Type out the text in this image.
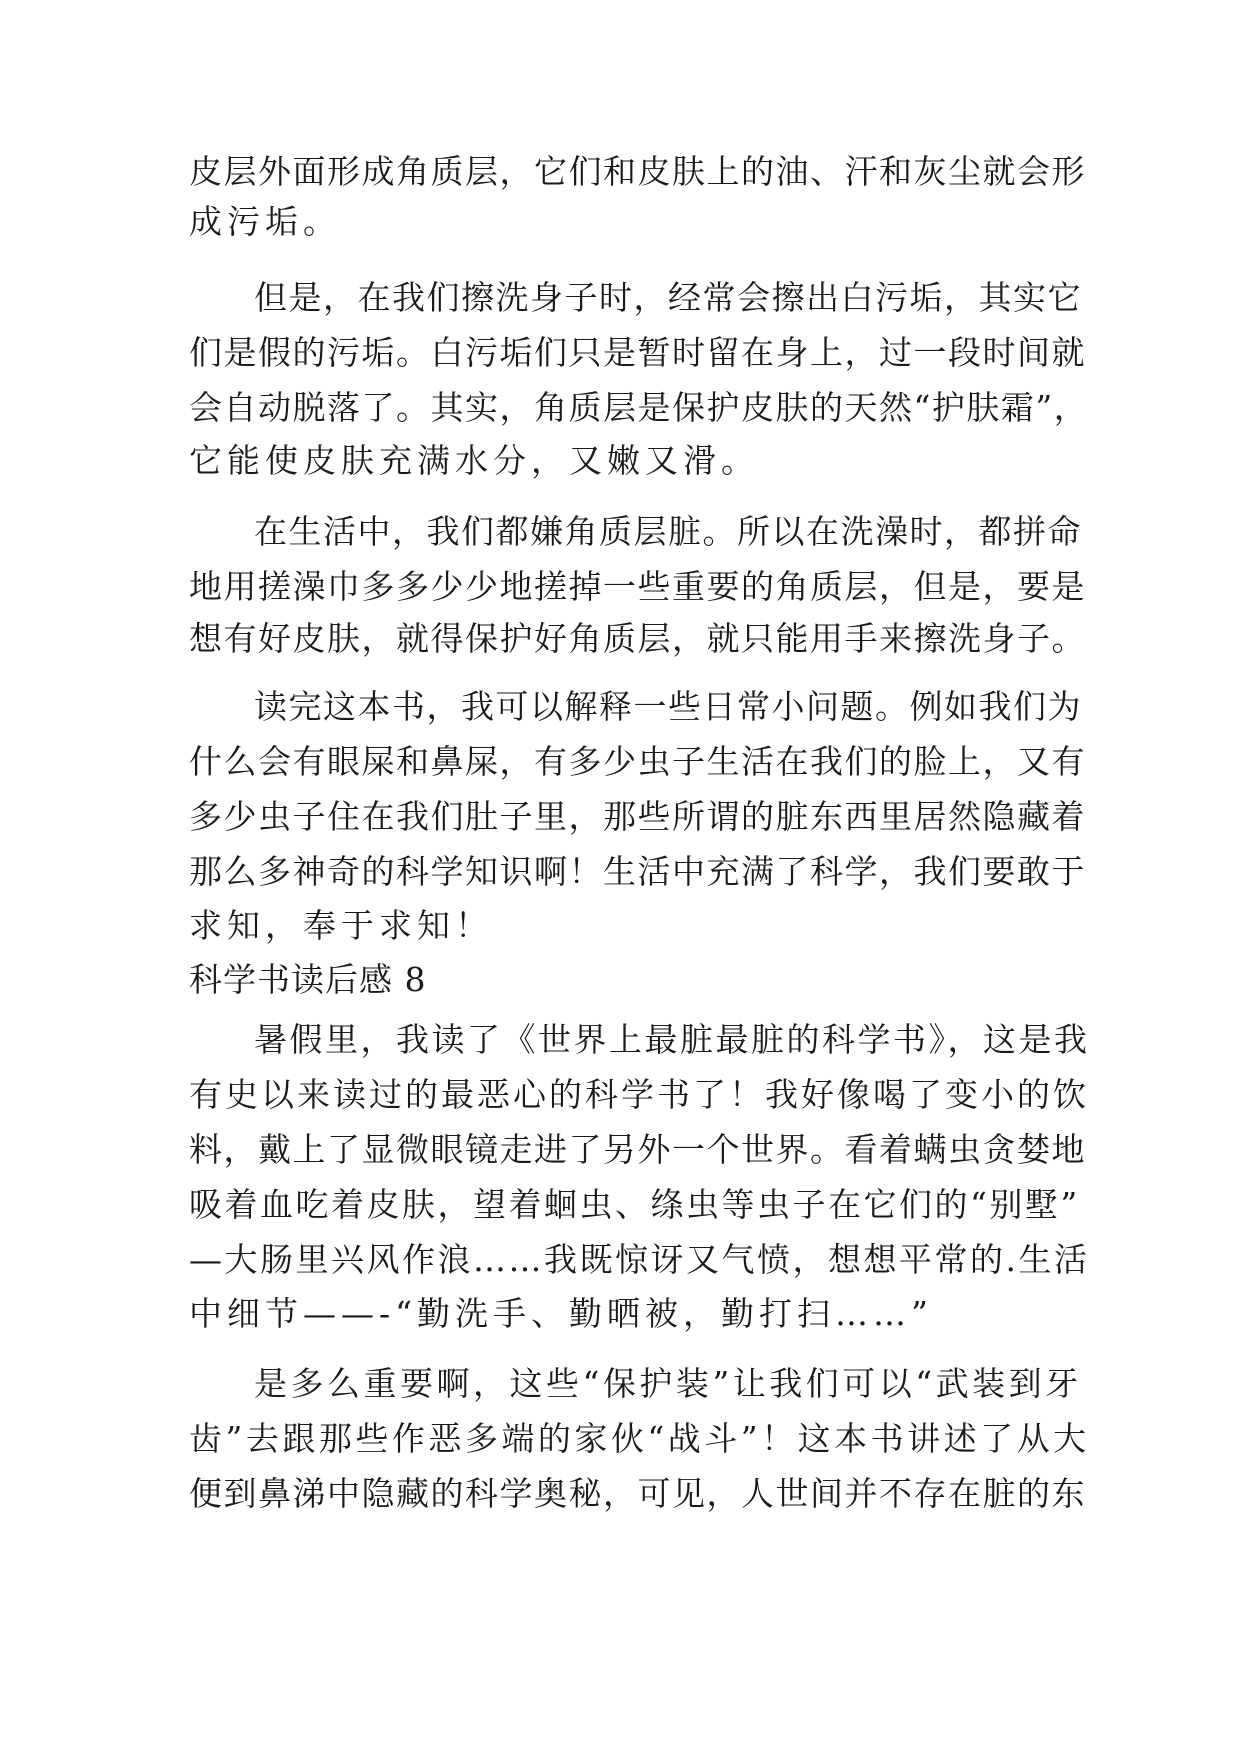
皮层外面形成角质层，它们和皮肤上的油、汗和灰尘就会形
成污垢。
但是，在我们擦洗身子时，经常会擦出白污垢，其实它
们是假的污垢。白污垢们只是暂时留在身上，过一段时间就
会自动脱落了。其实，角质层是保护皮肤的天然“护肤霜”，
它能使皮肤充满水分，又嫩又滑。
在生活中，我们都嫌角质层脏。所以在洗澡时，都拼命
地用搓澡巾多多少少地搓掉一些重要的角质层，但是，要是
想有好皮肤，就得保护好角质层，就只能用手来擦洗身子。
读完这本书，我可以解释一些日常小问题。例如我们为
什么会有眼屎和鼻屎，有多少虫子生活在我们的脸上，又有
多少虫子住在我们肚子里，那些所谓的脏东西里居然隐藏着
那么多神奇的科学知识啊！生活中充满了科学，我们要敢于
求知，奉于求知！
科学书读后感 8
暑假里，我读了《世界上最脏最脏的科学书》，这是我
有史以来读过的最恶心的科学书了！我好像喝了变小的饮
料，戴上了显微眼镜走进了另外一个世界。看着螨虫贪婪地
吸着血吃着皮肤，望着蛔虫、绦虫等虫子在它们的“别墅”
—大肠里兴风作浪……我既惊讶又气愤，想想平常的.生活
中细节——-“勤洗手、勤晒被，勤打扫……”
是多么重要啊，这些“保护装”让我们可以“武装到牙
齿”去跟那些作恶多端的家伙“战斗”！这本书讲述了从大
便到鼻涕中隐藏的科学奥秘，可见，人世间并不存在脏的东
